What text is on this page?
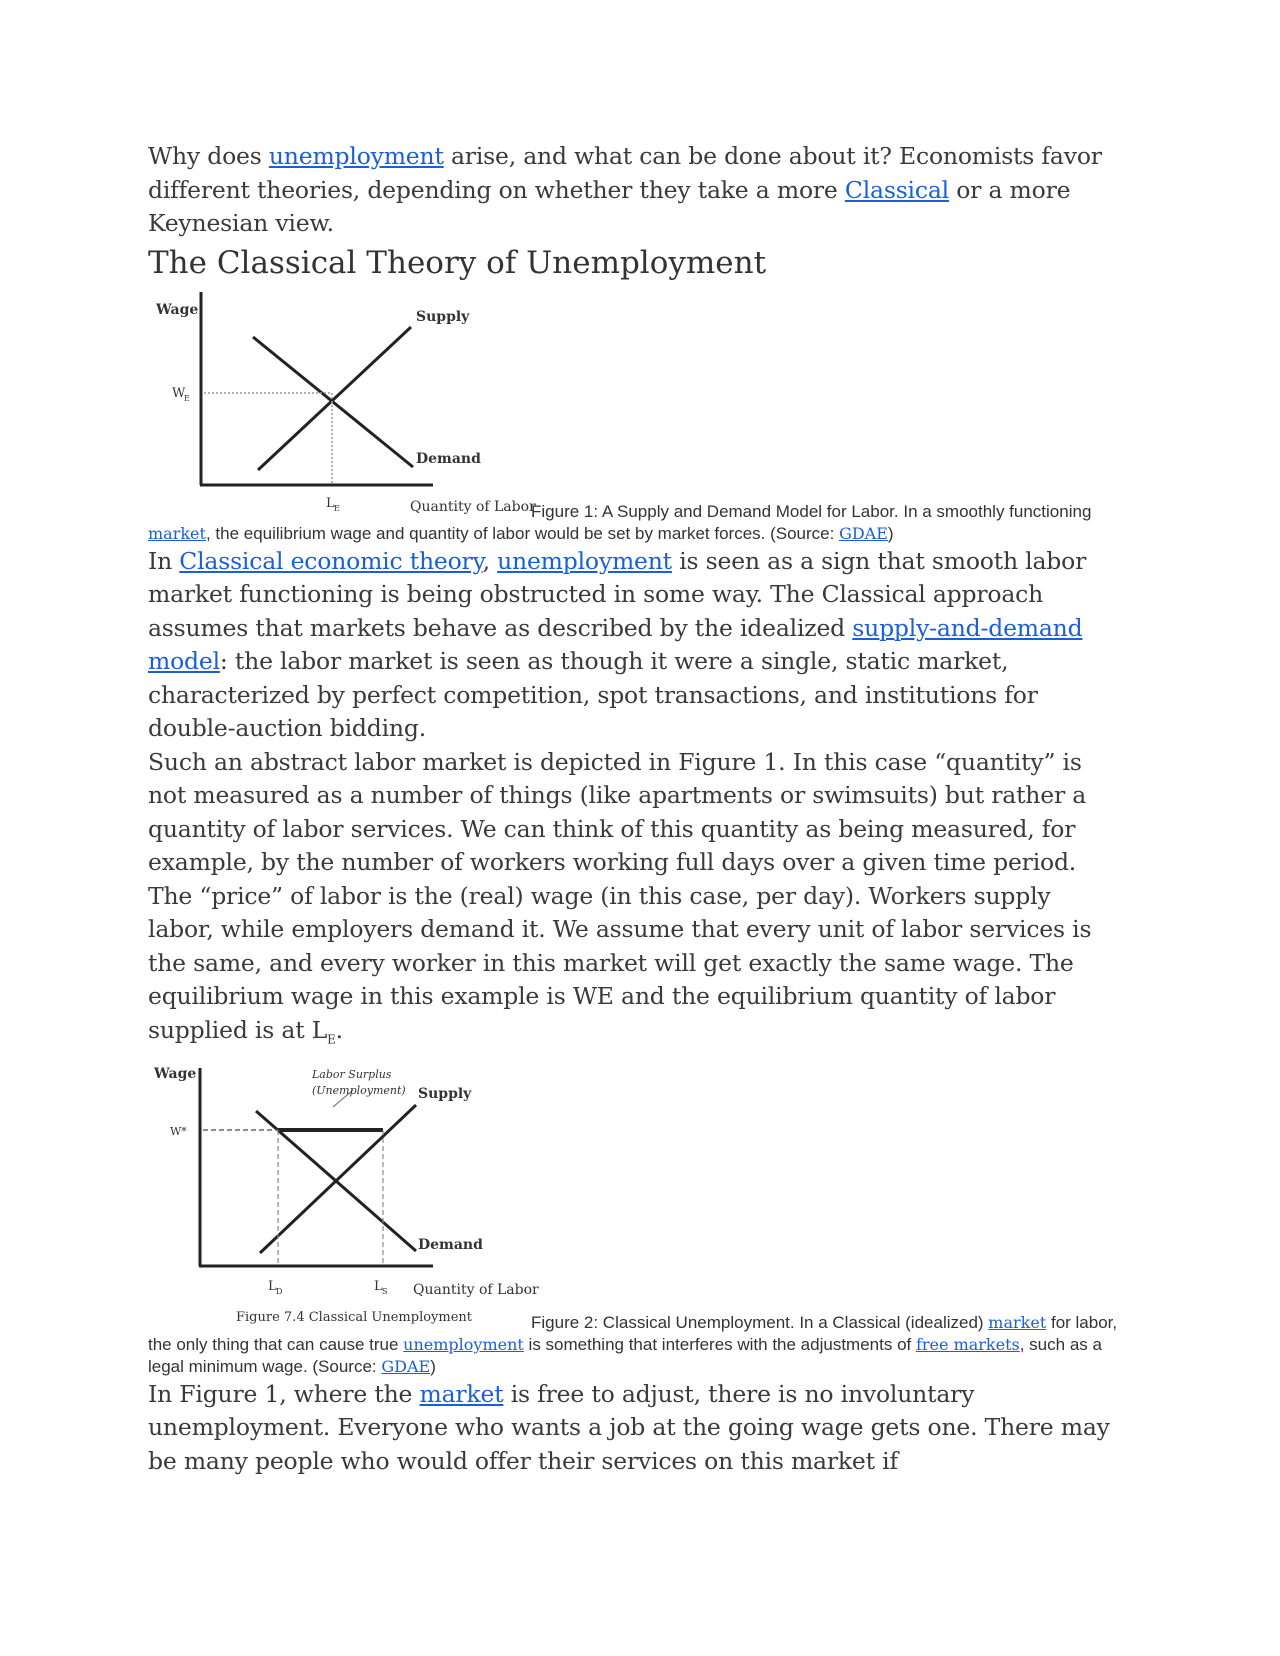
Why does unemployment arise, and what can be done about it? Economists favor different theories, depending on whether they take a more Classical or a more Keynesian view.

The Classical Theory of Unemployment

Wage
W
E
Supply
Demand
L E	Quantity of Labor
Figure 1: A Supply and Demand Model for Labor. In a smoothly functioning market, the equilibrium wage and quantity of labor would be set by market forces. (Source: GDAE)

In Classical economic theory, unemployment is seen as a sign that smooth labor market functioning is being obstructed in some way. The Classical approach assumes that markets behave as described by the idealized supply-and-demand model: the labor market is seen as though it were a single, static market, characterized by perfect competition, spot transactions, and institutions for double-auction bidding.

Such an abstract labor market is depicted in Figure 1. In this case “quantity” is not measured as a number of things (like apartments or swimsuits) but rather a quantity of labor services. We can think of this quantity as being measured, for example, by the number of workers working full days over a given time period. The “price” of labor is the (real) wage (in this case, per day). Workers supply labor, while employers demand it. We assume that every unit of labor services is the same, and every worker in this market will get exactly the same wage. The equilibrium wage in this example is WE and the equilibrium quantity of labor supplied is at $L_E$.

Wage
W*
Labor Surplus
(Unemployment) Supply
Demand
L D	L S Quantity of Labor
Figure 7.4 Classical Unemployment	Figure 2: Classical Unemployment. In a Classical (idealized) market for labor, the only thing that can cause true unemployment is something that interferes with the adjustments of free markets, such as a legal minimum wage. (Source: GDAE)

In Figure 1, where the market is free to adjust, there is no involuntary unemployment. Everyone who wants a job at the going wage gets one. There may be many people who would offer their services on this market if
